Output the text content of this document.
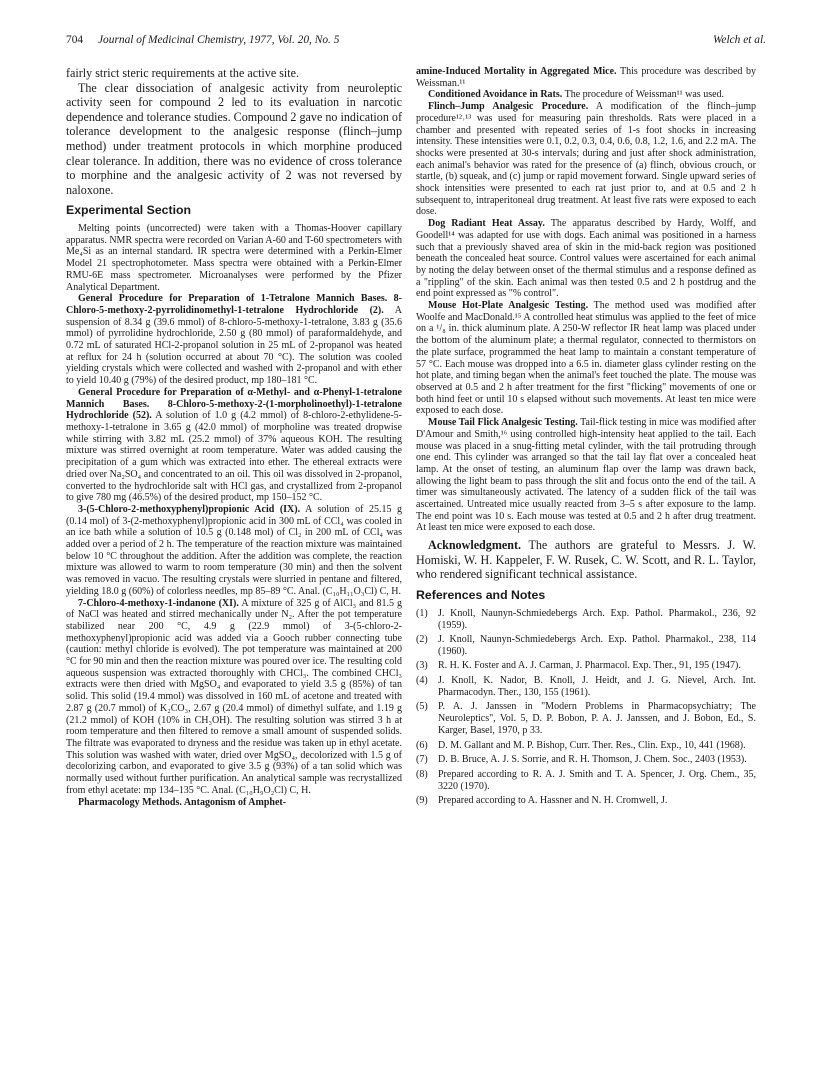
704 Journal of Medicinal Chemistry, 1977, Vol. 20, No. 5	Welch et al.

fairly strict steric requirements at the active site.

The clear dissociation of analgesic activity from neuroleptic activity seen for compound 2 led to its evaluation in narcotic dependence and tolerance studies. Compound 2 gave no indication of tolerance development to the analgesic response (flinch–jump method) under treatment protocols in which morphine produced clear tolerance. In addition, there was no evidence of cross tolerance to morphine and the analgesic activity of 2 was not reversed by naloxone.

Experimental Section

Melting points (uncorrected) were taken with a Thomas-Hoover capillary apparatus. NMR spectra were recorded on Varian A-60 and T-60 spectrometers with Me₄Si as an internal standard. IR spectra were determined with a Perkin-Elmer Model 21 spectrophotometer. Mass spectra were obtained with a Perkin-Elmer RMU-6E mass spectrometer. Microanalyses were performed by the Pfizer Analytical Department.

General Procedure for Preparation of 1-Tetralone Mannich Bases. 8-Chloro-5-methoxy-2-pyrrolidinomethyl-1-tetralone Hydrochloride (2). A suspension of 8.34 g (39.6 mmol) of 8-chloro-5-methoxy-1-tetralone, 3.83 g (35.6 mmol) of pyrrolidine hydrochloride, 2.50 g (80 mmol) of paraformaldehyde, and 0.72 mL of saturated HCl-2-propanol solution in 25 mL of 2-propanol was heated at reflux for 24 h (solution occurred at about 70 °C). The solution was cooled yielding crystals which were collected and washed with 2-propanol and with ether to yield 10.40 g (79%) of the desired product, mp 180–181 °C.

General Procedure for Preparation of α-Methyl- and α-Phenyl-1-tetralone Mannich Bases. 8-Chloro-5-methoxy-2-(1-morpholinoethyl)-1-tetralone Hydrochloride (52). A solution of 1.0 g (4.2 mmol) of 8-chloro-2-ethylidene-5-methoxy-1-tetralone in 3.65 g (42.0 mmol) of morpholine was treated dropwise while stirring with 3.82 mL (25.2 mmol) of 37% aqueous KOH. The resulting mixture was stirred overnight at room temperature. Water was added causing the precipitation of a gum which was extracted into ether. The ethereal extracts were dried over Na₂SO₄ and concentrated to an oil. This oil was dissolved in 2-propanol, converted to the hydrochloride salt with HCl gas, and crystallized from 2-propanol to give 780 mg (46.5%) of the desired product, mp 150–152 °C.

3-(5-Chloro-2-methoxyphenyl)propionic Acid (IX). A solution of 25.15 g (0.14 mol) of 3-(2-methoxyphenyl)propionic acid in 300 mL of CCl₄ was cooled in an ice bath while a solution of 10.5 g (0.148 mol) of Cl₂ in 200 mL of CCl₄ was added over a period of 2 h. The temperature of the reaction mixture was maintained below 10 °C throughout the addition. After the addition was complete, the reaction mixture was allowed to warm to room temperature (30 min) and then the solvent was removed in vacuo. The resulting crystals were slurried in pentane and filtered, yielding 18.0 g (60%) of colorless needles, mp 85–89 °C. Anal. (C₁₀H₁₁O₃Cl) C, H.

7-Chloro-4-methoxy-1-indanone (XI). A mixture of 325 g of AlCl₃ and 81.5 g of NaCl was heated and stirred mechanically under N₂. After the pot temperature stabilized near 200 °C, 4.9 g (22.9 mmol) of 3-(5-chloro-2-methoxyphenyl)propionic acid was added via a Gooch rubber connecting tube (caution: methyl chloride is evolved). The pot temperature was maintained at 200 °C for 90 min and then the reaction mixture was poured over ice. The resulting cold aqueous suspension was extracted thoroughly with CHCl₃. The combined CHCl₃ extracts were then dried with MgSO₄ and evaporated to yield 3.5 g (85%) of tan solid. This solid (19.4 mmol) was dissolved in 160 mL of acetone and treated with 2.87 g (20.7 mmol) of K₂CO₃, 2.67 g (20.4 mmol) of dimethyl sulfate, and 1.19 g (21.2 mmol) of KOH (10% in CH₃OH). The resulting solution was stirred 3 h at room temperature and then filtered to remove a small amount of suspended solids. The filtrate was evaporated to dryness and the residue was taken up in ethyl acetate. This solution was washed with water, dried over MgSO₄, decolorized with 1.5 g of decolorizing carbon, and evaporated to give 3.5 g (93%) of a tan solid which was normally used without further purification. An analytical sample was recrystallized from ethyl acetate: mp 134–135 °C. Anal. (C₁₀H₉O₂Cl) C, H.

Pharmacology Methods. Antagonism of Amphet-

amine-Induced Mortality in Aggregated Mice. This procedure was described by Weissman.¹¹

Conditioned Avoidance in Rats. The procedure of Weissman¹¹ was used.

Flinch–Jump Analgesic Procedure. A modification of the flinch–jump procedure¹²˒¹³ was used for measuring pain thresholds. Rats were placed in a chamber and presented with repeated series of 1-s foot shocks in increasing intensity. These intensities were 0.1, 0.2, 0.3, 0.4, 0.6, 0.8, 1.2, 1.6, and 2.2 mA. The shocks were presented at 30-s intervals; during and just after shock administration, each animal's behavior was rated for the presence of (a) flinch, obvious crouch, or startle, (b) squeak, and (c) jump or rapid movement forward. Single upward series of shock intensities were presented to each rat just prior to, and at 0.5 and 2 h subsequent to, intraperitoneal drug treatment. At least five rats were exposed to each dose.

Dog Radiant Heat Assay. The apparatus described by Hardy, Wolff, and Goodell¹⁴ was adapted for use with dogs. Each animal was positioned in a harness such that a previously shaved area of skin in the mid-back region was positioned beneath the concealed heat source. Control values were ascertained for each animal by noting the delay between onset of the thermal stimulus and a response defined as a "rippling" of the skin. Each animal was then tested 0.5 and 2 h postdrug and the end point expressed as "% control".

Mouse Hot-Plate Analgesic Testing. The method used was modified after Woolfe and MacDonald.¹⁵ A controlled heat stimulus was applied to the feet of mice on a ¹/₈ in. thick aluminum plate. A 250-W reflector IR heat lamp was placed under the bottom of the aluminum plate; a thermal regulator, connected to thermistors on the plate surface, programmed the heat lamp to maintain a constant temperature of 57 °C. Each mouse was dropped into a 6.5 in. diameter glass cylinder resting on the hot plate, and timing began when the animal's feet touched the plate. The mouse was observed at 0.5 and 2 h after treatment for the first "flicking" movements of one or both hind feet or until 10 s elapsed without such movements. At least ten mice were exposed to each dose.

Mouse Tail Flick Analgesic Testing. Tail-flick testing in mice was modified after D'Amour and Smith,¹⁶ using controlled high-intensity heat applied to the tail. Each mouse was placed in a snug-fitting metal cylinder, with the tail protruding through one end. This cylinder was arranged so that the tail lay flat over a concealed heat lamp. At the onset of testing, an aluminum flap over the lamp was drawn back, allowing the light beam to pass through the slit and focus onto the end of the tail. A timer was simultaneously activated. The latency of a sudden flick of the tail was ascertained. Untreated mice usually reacted from 3–5 s after exposure to the lamp. The end point was 10 s. Each mouse was tested at 0.5 and 2 h after drug treatment. At least ten mice were exposed to each dose.

Acknowledgment. The authors are grateful to Messrs. J. W. Homiski, W. H. Kappeler, F. W. Rusek, C. W. Scott, and R. L. Taylor, who rendered significant technical assistance.

References and Notes
(1) J. Knoll, Naunyn-Schmiedebergs Arch. Exp. Pathol. Pharmakol., 236, 92 (1959).
(2) J. Knoll, Naunyn-Schmiedebergs Arch. Exp. Pathol. Pharmakol., 238, 114 (1960).
(3) R. H. K. Foster and A. J. Carman, J. Pharmacol. Exp. Ther., 91, 195 (1947).
(4) J. Knoll, K. Nador, B. Knoll, J. Heidt, and J. G. Nievel, Arch. Int. Pharmacodyn. Ther., 130, 155 (1961).
(5) P. A. J. Janssen in "Modern Problems in Pharmacopsychiatry; The Neuroleptics", Vol. 5, D. P. Bobon, P. A. J. Janssen, and J. Bobon, Ed., S. Karger, Basel, 1970, p 33.
(6) D. M. Gallant and M. P. Bishop, Curr. Ther. Res., Clin. Exp., 10, 441 (1968).
(7) D. B. Bruce, A. J. S. Sorrie, and R. H. Thomson, J. Chem. Soc., 2403 (1953).
(8) Prepared according to R. A. J. Smith and T. A. Spencer, J. Org. Chem., 35, 3220 (1970).
(9) Prepared according to A. Hassner and N. H. Cromwell, J.
